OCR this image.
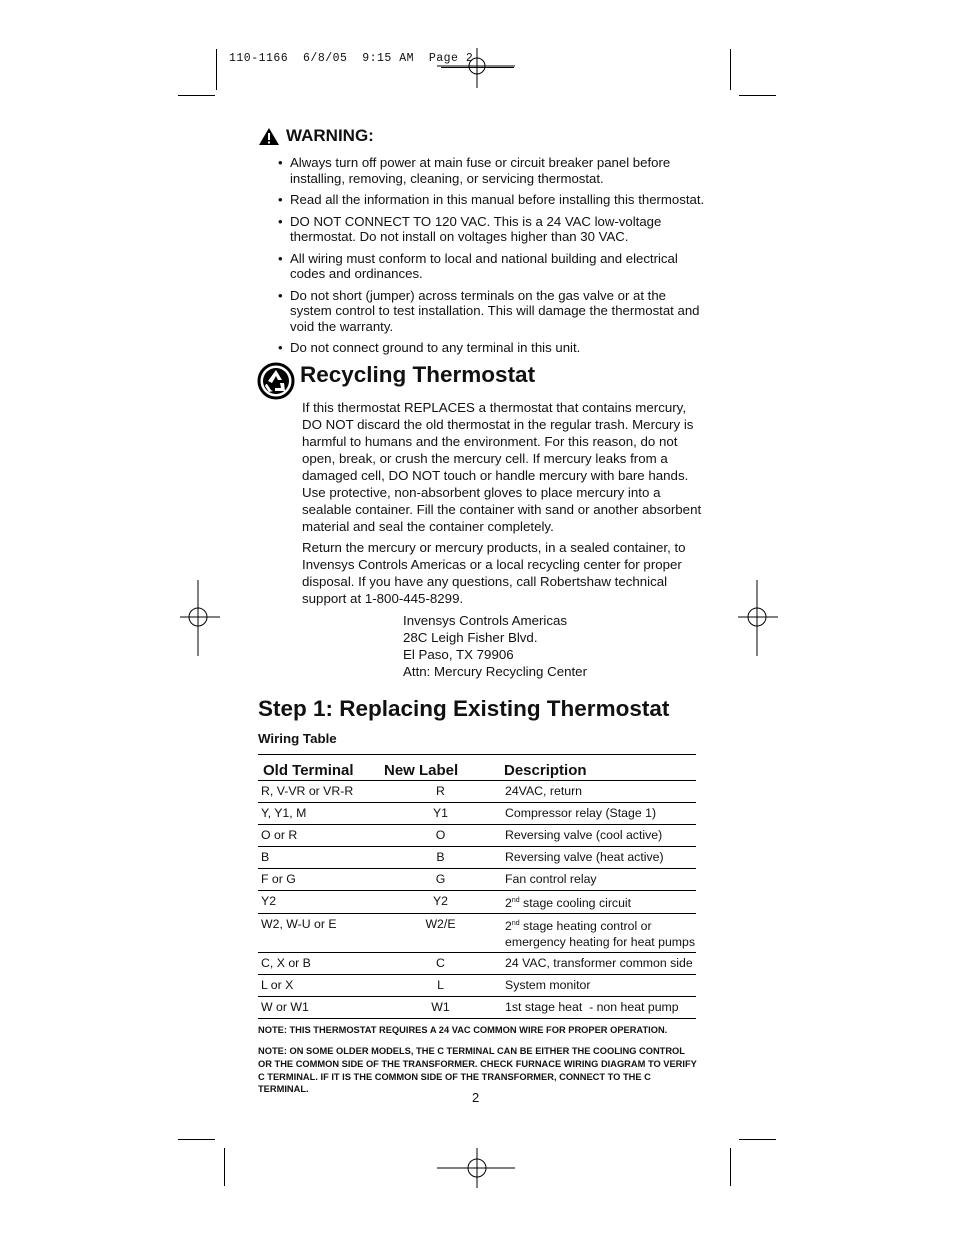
110-1166  6/8/05  9:15 AM  Page 2
WARNING:
• Always turn off power at main fuse or circuit breaker panel before installing, removing, cleaning, or servicing thermostat.
• Read all the information in this manual before installing this thermostat.
• DO NOT CONNECT TO 120 VAC. This is a 24 VAC low-voltage thermostat. Do not install on voltages higher than 30 VAC.
• All wiring must conform to local and national building and electrical codes and ordinances.
• Do not short (jumper) across terminals on the gas valve or at the system control to test installation. This will damage the thermostat and void the warranty.
• Do not connect ground to any terminal in this unit.
Recycling Thermostat

If this thermostat REPLACES a thermostat that contains mercury, DO NOT discard the old thermostat in the regular trash. Mercury is harmful to humans and the environment. For this reason, do not open, break, or crush the mercury cell. If mercury leaks from a damaged cell, DO NOT touch or handle mercury with bare hands. Use protective, non-absorbent gloves to place mercury into a sealable container. Fill the container with sand or another absorbent material and seal the container completely.

Return the mercury or mercury products, in a sealed container, to Invensys Controls Americas or a local recycling center for proper disposal. If you have any questions, call Robertshaw technical support at 1-800-445-8299.

Invensys Controls Americas
28C Leigh Fisher Blvd.
El Paso, TX 79906
Attn: Mercury Recycling Center
Step 1: Replacing Existing Thermostat
Wiring Table
Old Terminal	New Label	Description
R, V-VR or VR-R	R	24VAC, return
Y, Y1, M	Y1	Compressor relay (Stage 1)
O or R	O	Reversing valve (cool active)
B	B	Reversing valve (heat active)
F or G	G	Fan control relay
Y2	Y2	2nd stage cooling circuit
W2, W-U or E	W2/E	2nd stage heating control or emergency heating for heat pumps
C, X or B	C	24 VAC, transformer common side
L or X	L	System monitor
W or W1	W1	1st stage heat  - non heat pump
NOTE: THIS THERMOSTAT REQUIRES A 24 VAC COMMON WIRE FOR PROPER OPERATION.
NOTE: ON SOME OLDER MODELS, THE C TERMINAL CAN BE EITHER THE COOLING CONTROL OR THE COMMON SIDE OF THE TRANSFORMER. CHECK FURNACE WIRING DIAGRAM TO VERIFY C TERMINAL. IF IT IS THE COMMON SIDE OF THE TRANSFORMER, CONNECT TO THE C TERMINAL.
2
